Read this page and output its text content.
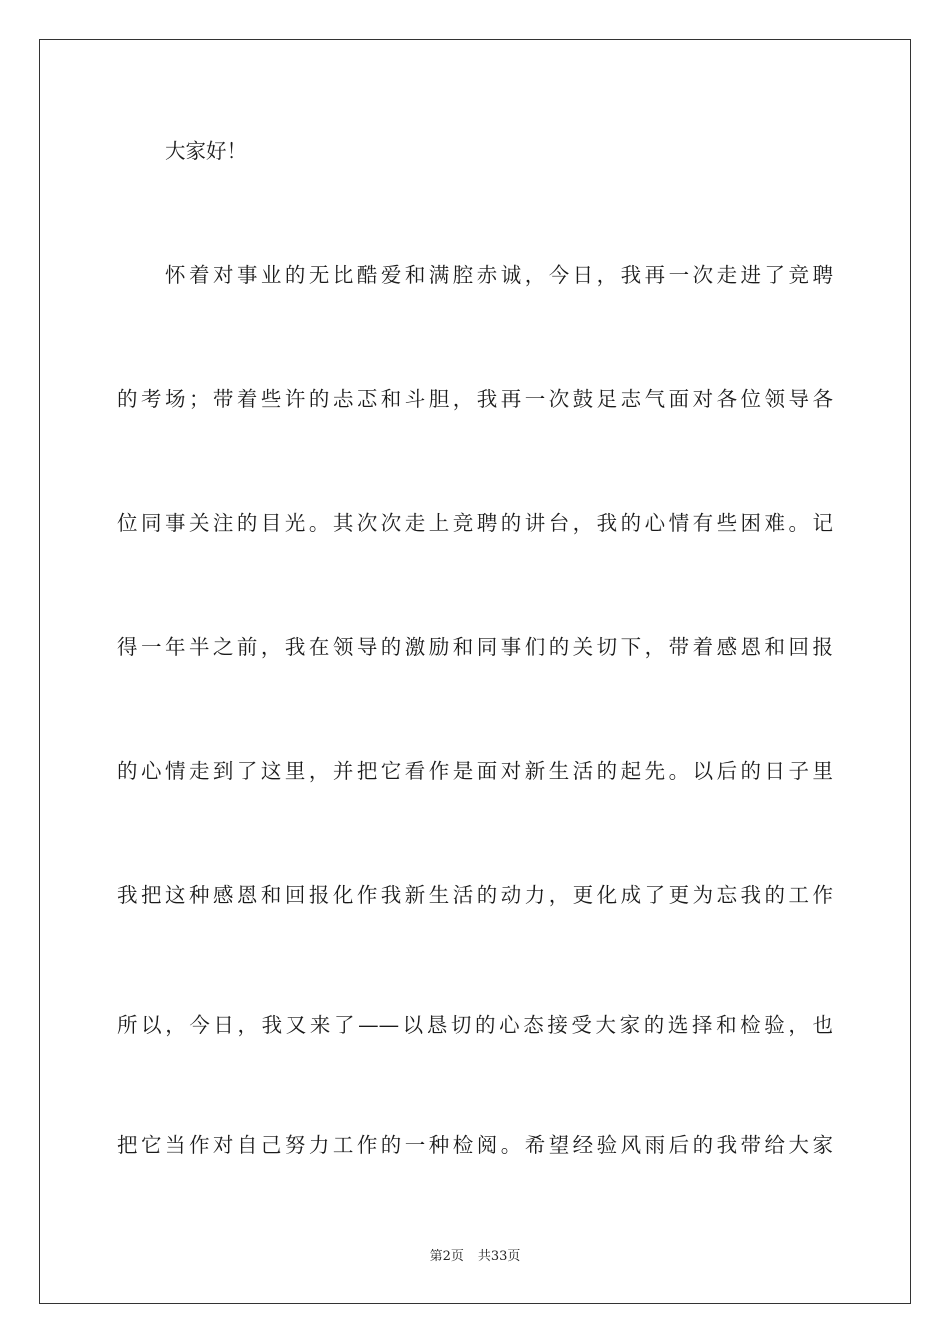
大家好！
怀着对事业的无比酷爱和满腔赤诚，今日，我再一次走进了竞聘
的考场；带着些许的忐忑和斗胆，我再一次鼓足志气面对各位领导各
位同事关注的目光。其次次走上竞聘的讲台，我的心情有些困难。记
得一年半之前，我在领导的激励和同事们的关切下，带着感恩和回报
的心情走到了这里，并把它看作是面对新生活的起先。以后的日子里
我把这种感恩和回报化作我新生活的动力，更化成了更为忘我的工作
所以，今日，我又来了——以恳切的心态接受大家的选择和检验，也
把它当作对自己努力工作的一种检阅。希望经验风雨后的我带给大家
第2页 共33页
